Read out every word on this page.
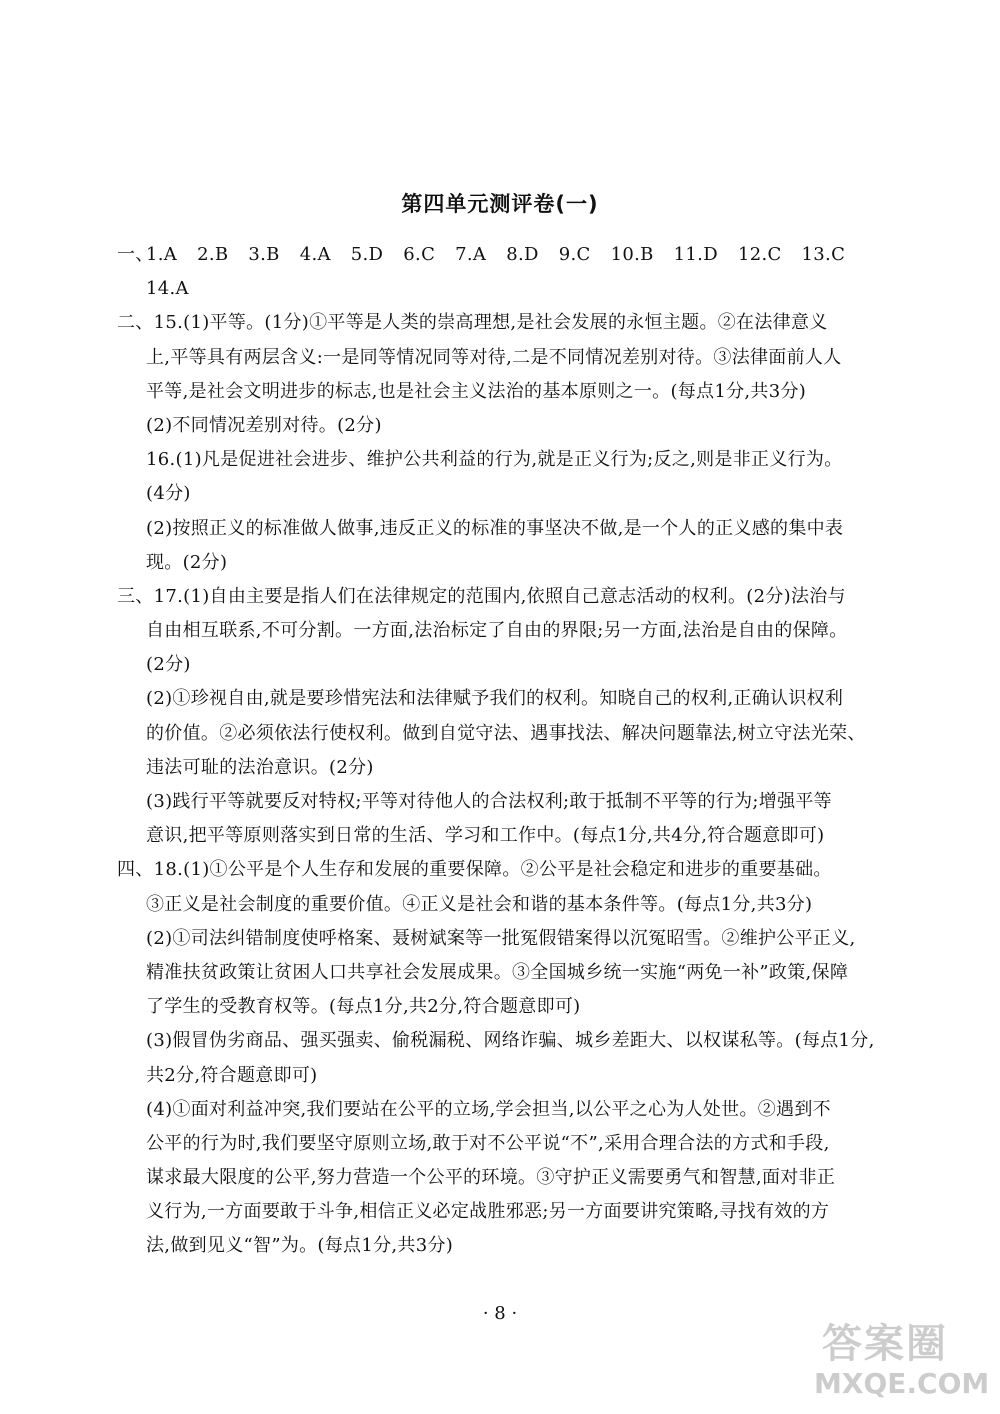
第四单元测评卷(一)
一、
1.A 2.B 3.B 4.A 5.D 6.C 7.A 8.D 9.C 10.B 11.D 12.C 13.C
14.A
二、15.(1)平等。(1分)①平等是人类的崇高理想,是社会发展的永恒主题。②在法律意义
上,平等具有两层含义:一是同等情况同等对待,二是不同情况差别对待。③法律面前人人
平等,是社会文明进步的标志,也是社会主义法治的基本原则之一。(每点1分,共3分)
(2)不同情况差别对待。(2分)
16.(1)凡是促进社会进步、维护公共利益的行为,就是正义行为;反之,则是非正义行为。
(4分)
(2)按照正义的标准做人做事,违反正义的标准的事坚决不做,是一个人的正义感的集中表
现。(2分)
三、17.(1)自由主要是指人们在法律规定的范围内,依照自己意志活动的权利。(2分)法治与
自由相互联系,不可分割。一方面,法治标定了自由的界限;另一方面,法治是自由的保障。
(2分)
(2)①珍视自由,就是要珍惜宪法和法律赋予我们的权利。知晓自己的权利,正确认识权利
的价值。②必须依法行使权利。做到自觉守法、遇事找法、解决问题靠法,树立守法光荣、
违法可耻的法治意识。(2分)
(3)践行平等就要反对特权;平等对待他人的合法权利;敢于抵制不平等的行为;增强平等
意识,把平等原则落实到日常的生活、学习和工作中。(每点1分,共4分,符合题意即可)
四、18.(1)①公平是个人生存和发展的重要保障。②公平是社会稳定和进步的重要基础。
③正义是社会制度的重要价值。④正义是社会和谐的基本条件等。(每点1分,共3分)
(2)①司法纠错制度使呼格案、聂树斌案等一批冤假错案得以沉冤昭雪。②维护公平正义,
精准扶贫政策让贫困人口共享社会发展成果。③全国城乡统一实施“两免一补”政策,保障
了学生的受教育权等。(每点1分,共2分,符合题意即可)
(3)假冒伪劣商品、强买强卖、偷税漏税、网络诈骗、城乡差距大、以权谋私等。(每点1分,
共2分,符合题意即可)
(4)①面对利益冲突,我们要站在公平的立场,学会担当,以公平之心为人处世。②遇到不
公平的行为时,我们要坚守原则立场,敢于对不公平说“不”,采用合理合法的方式和手段,
谋求最大限度的公平,努力营造一个公平的环境。③守护正义需要勇气和智慧,面对非正
义行为,一方面要敢于斗争,相信正义必定战胜邪恶;另一方面要讲究策略,寻找有效的方
法,做到见义“智”为。(每点1分,共3分)
· 8 ·
答案圈
MXQE.COM
